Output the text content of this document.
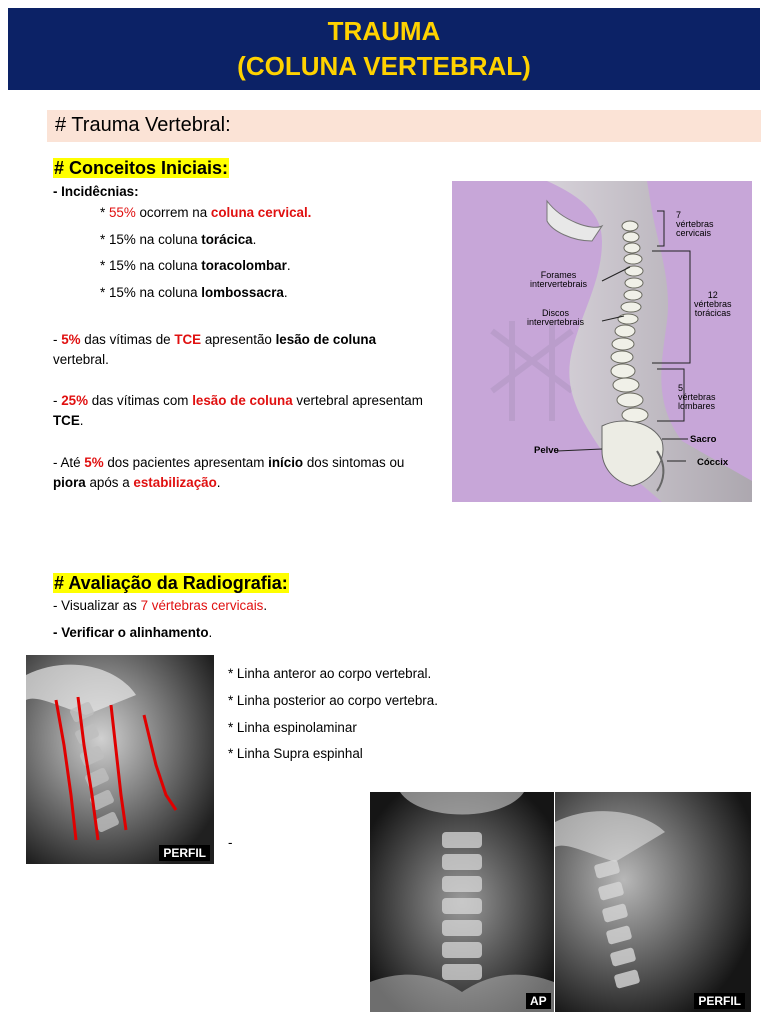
TRAUMA
(COLUNA VERTEBRAL)
# Trauma Vertebral:
# Conceitos Iniciais:
- Incidêcnias:
* 55% ocorrem na coluna cervical.
* 15% na coluna torácica.
* 15% na coluna toracolombar.
* 15% na coluna lombossacra.
- 5% das vítimas de TCE apresentão lesão de coluna
vertebral.
- 25% das vítimas com lesão de coluna vertebral apresentam
TCE.
- Até 5% dos pacientes apresentam início dos sintomas ou
piora após a estabilização.
7
vértebras
cervicais
Forames
intervertebrais
Discos
intervertebrais
12
vértebras
torácicas
5
vértebras
lombares
Sacro
Pelve
Cóccix
# Avaliação da Radiografia:
- Visualizar as 7 vértebras cervicais.
- Verificar o alinhamento.
PERFIL
* Linha anteror ao corpo vertebral.
* Linha posterior ao corpo vertebra.
* Linha espinolaminar
* Linha Supra espinhal
-
AP	PERFIL
